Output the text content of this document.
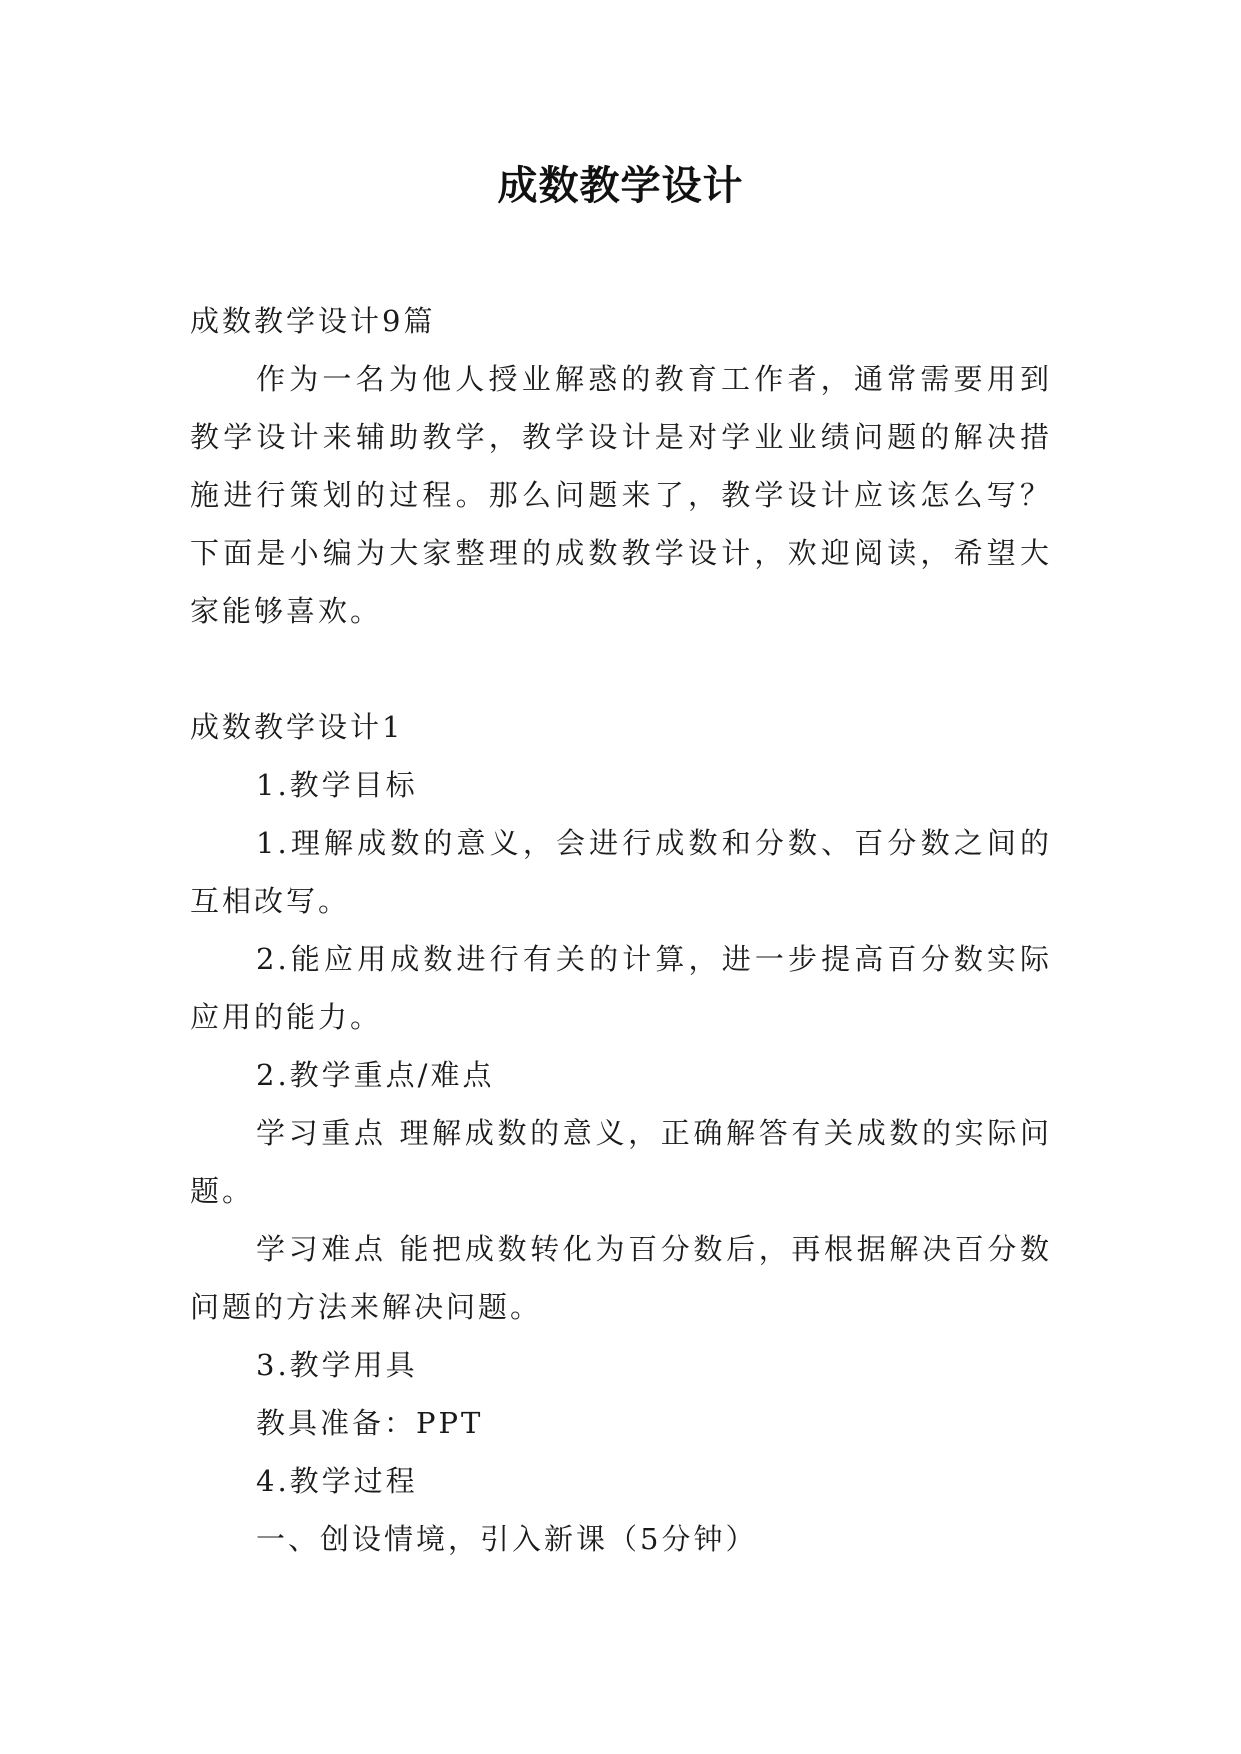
成数教学设计

成数教学设计9篇

作为一名为他人授业解惑的教育工作者，通常需要用到教学设计来辅助教学，教学设计是对学业业绩问题的解决措施进行策划的过程。那么问题来了，教学设计应该怎么写？下面是小编为大家整理的成数教学设计，欢迎阅读，希望大家能够喜欢。

成数教学设计1

1.教学目标

1.理解成数的意义，会进行成数和分数、百分数之间的互相改写。

2.能应用成数进行有关的计算，进一步提高百分数实际应用的能力。

2.教学重点/难点

学习重点 理解成数的意义，正确解答有关成数的实际问题。

学习难点 能把成数转化为百分数后，再根据解决百分数问题的方法来解决问题。

3.教学用具

教具准备：PPT

4.教学过程

一、创设情境，引入新课（5分钟）
